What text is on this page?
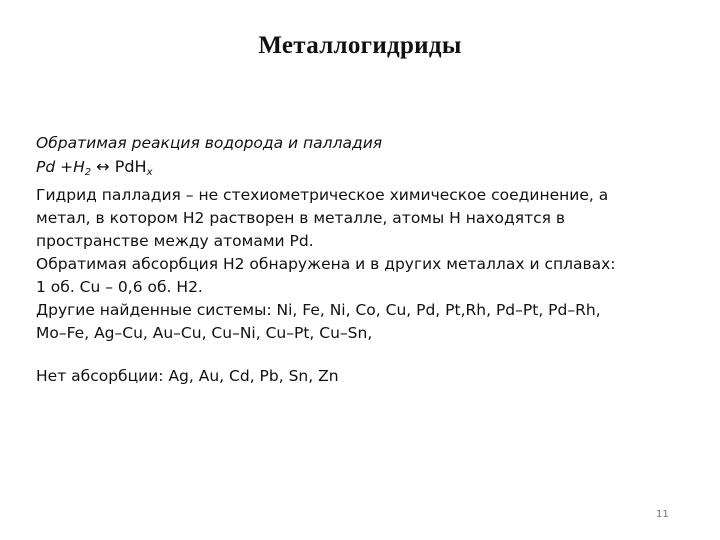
Металлогидриды
Обратимая реакция водорода и палладия
$Pd +H_2$ ↔ PdH$_x$
Гидрид палладия – не стехиометрическое химическое соединение, а
метал, в котором Н2 растворен в металле, атомы Н находятся в
пространстве между атомами Pd.
Обратимая абсорбция Н2 обнаружена и в других металлах и сплавах:
1 об. Cu – 0,6 об. Н2.
Другие найденные системы: Ni, Fe, Ni, Co, Cu, Pd, Pt,Rh, Pd–Pt, Pd–Rh,
Mo–Fe, Ag–Cu, Au–Cu, Cu–Ni, Cu–Pt, Cu–Sn,
Нет абсорбции: Ag, Au, Cd, Pb, Sn, Zn
11
